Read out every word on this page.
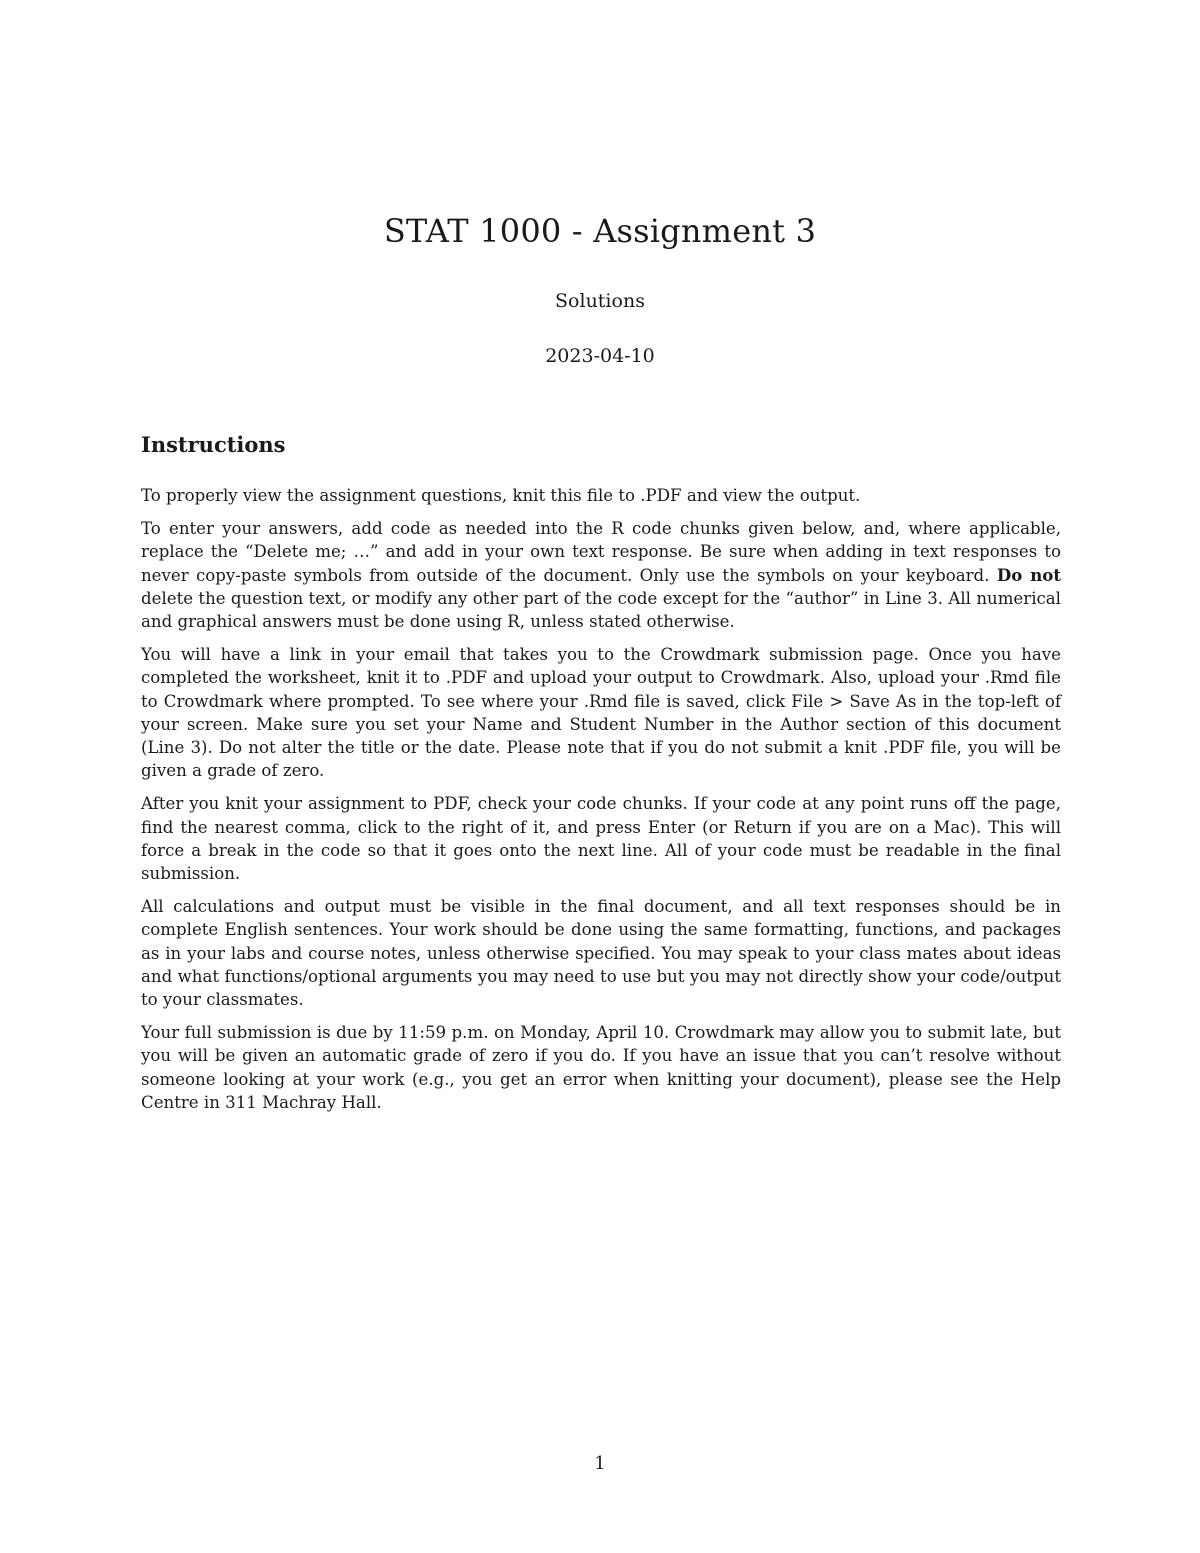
STAT 1000 - Assignment 3
Solutions
2023-04-10
Instructions

To properly view the assignment questions, knit this file to .PDF and view the output.

To enter your answers, add code as needed into the R code chunks given below, and, where applicable, replace the “Delete me; …” and add in your own text response. Be sure when adding in text responses to never copy-paste symbols from outside of the document. Only use the symbols on your keyboard. Do not delete the question text, or modify any other part of the code except for the “author” in Line 3. All numerical and graphical answers must be done using R, unless stated otherwise.

You will have a link in your email that takes you to the Crowdmark submission page. Once you have completed the worksheet, knit it to .PDF and upload your output to Crowdmark. Also, upload your .Rmd file to Crowdmark where prompted. To see where your .Rmd file is saved, click File > Save As in the top-left of your screen. Make sure you set your Name and Student Number in the Author section of this document (Line 3). Do not alter the title or the date. Please note that if you do not submit a knit .PDF file, you will be given a grade of zero.

After you knit your assignment to PDF, check your code chunks. If your code at any point runs off the page, find the nearest comma, click to the right of it, and press Enter (or Return if you are on a Mac). This will force a break in the code so that it goes onto the next line. All of your code must be readable in the final submission.

All calculations and output must be visible in the final document, and all text responses should be in complete English sentences. Your work should be done using the same formatting, functions, and packages as in your labs and course notes, unless otherwise specified. You may speak to your class mates about ideas and what functions/optional arguments you may need to use but you may not directly show your code/output to your classmates.

Your full submission is due by 11:59 p.m. on Monday, April 10. Crowdmark may allow you to submit late, but you will be given an automatic grade of zero if you do. If you have an issue that you can’t resolve without someone looking at your work (e.g., you get an error when knitting your document), please see the Help Centre in 311 Machray Hall.

1
